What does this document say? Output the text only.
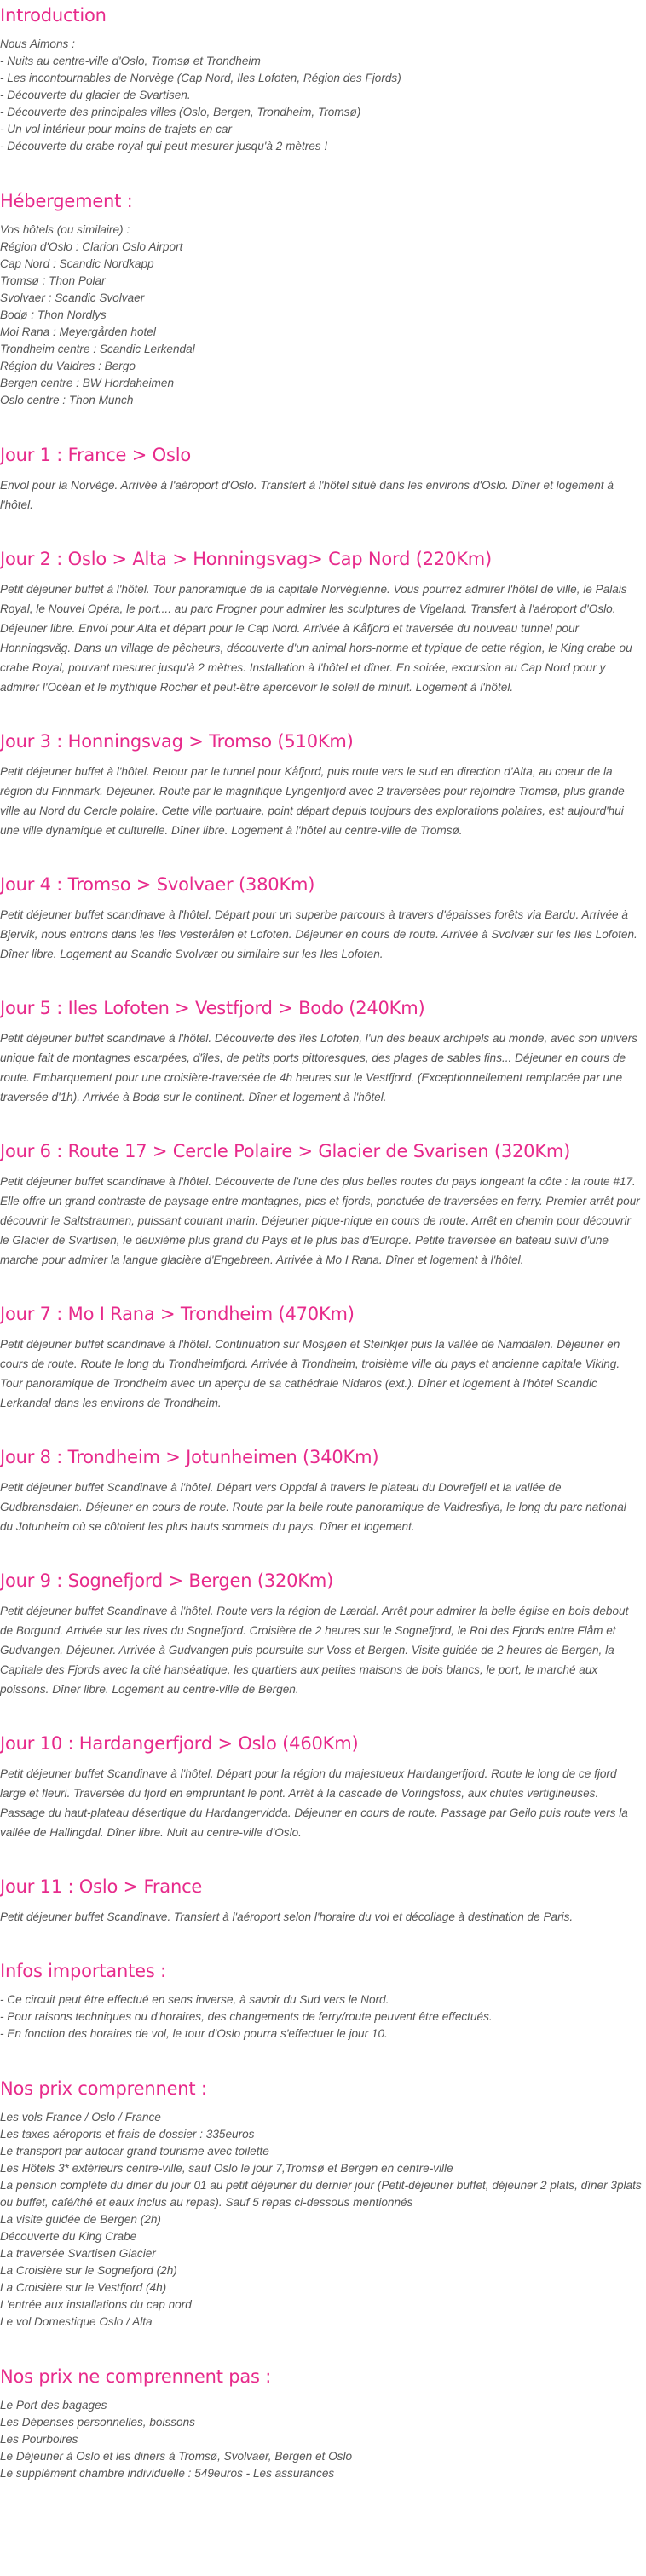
Introduction
Nous Aimons :
- Nuits au centre-ville d'Oslo, Tromsø et Trondheim
- Les incontournables de Norvège (Cap Nord, Iles Lofoten, Région des Fjords)
- Découverte du glacier de Svartisen.
- Découverte des principales villes (Oslo, Bergen, Trondheim, Tromsø)
- Un vol intérieur pour moins de trajets en car
- Découverte du crabe royal qui peut mesurer jusqu'à 2 mètres !
Hébergement :
Vos hôtels (ou similaire) :
Région d'Oslo : Clarion Oslo Airport
Cap Nord : Scandic Nordkapp
Tromsø : Thon Polar
Svolvaer : Scandic Svolvaer
Bodø : Thon Nordlys
Moi Rana : Meyergården hotel
Trondheim centre : Scandic Lerkendal
Région du Valdres : Bergo
Bergen centre : BW Hordaheimen
Oslo centre : Thon Munch
Jour 1 : France > Oslo

Envol pour la Norvège. Arrivée à l'aéroport d'Oslo. Transfert à l'hôtel situé dans les environs d'Oslo. Dîner et logement à l'hôtel.

Jour 2 : Oslo > Alta > Honningsvag> Cap Nord (220Km)

Petit déjeuner buffet à l'hôtel. Tour panoramique de la capitale Norvégienne. Vous pourrez admirer l'hôtel de ville, le Palais Royal, le Nouvel Opéra, le port.... au parc Frogner pour admirer les sculptures de Vigeland. Transfert à l'aéroport d'Oslo. Déjeuner libre. Envol pour Alta et départ pour le Cap Nord. Arrivée à Kåfjord et traversée du nouveau tunnel pour Honningsvåg. Dans un village de pêcheurs, découverte d'un animal hors-norme et typique de cette région, le King crabe ou crabe Royal, pouvant mesurer jusqu'à 2 mètres. Installation à l'hôtel et dîner. En soirée, excursion au Cap Nord pour y admirer l'Océan et le mythique Rocher et peut-être apercevoir le soleil de minuit. Logement à l'hôtel.

Jour 3 : Honningsvag > Tromso (510Km)

Petit déjeuner buffet à l'hôtel. Retour par le tunnel pour Kåfjord, puis route vers le sud en direction d'Alta, au coeur de la région du Finnmark. Déjeuner. Route par le magnifique Lyngenfjord avec 2 traversées pour rejoindre Tromsø, plus grande ville au Nord du Cercle polaire. Cette ville portuaire, point départ depuis toujours des explorations polaires, est aujourd'hui une ville dynamique et culturelle. Dîner libre. Logement à l'hôtel au centre-ville de Tromsø.

Jour 4 : Tromso > Svolvaer (380Km)

Petit déjeuner buffet scandinave à l'hôtel. Départ pour un superbe parcours à travers d'épaisses forêts via Bardu. Arrivée à Bjervik, nous entrons dans les îles Vesterålen et Lofoten. Déjeuner en cours de route. Arrivée à Svolvær sur les Iles Lofoten. Dîner libre. Logement au Scandic Svolvær ou similaire sur les Iles Lofoten.

Jour 5 : Iles Lofoten > Vestfjord > Bodo (240Km)

Petit déjeuner buffet scandinave à l'hôtel. Découverte des îles Lofoten, l'un des beaux archipels au monde, avec son univers unique fait de montagnes escarpées, d'îles, de petits ports pittoresques, des plages de sables fins... Déjeuner en cours de route. Embarquement pour une croisière-traversée de 4h heures sur le Vestfjord. (Exceptionnellement remplacée par une traversée d'1h). Arrivée à Bodø sur le continent. Dîner et logement à l'hôtel.

Jour 6 : Route 17 > Cercle Polaire > Glacier de Svarisen (320Km)

Petit déjeuner buffet scandinave à l'hôtel. Découverte de l'une des plus belles routes du pays longeant la côte : la route #17. Elle offre un grand contraste de paysage entre montagnes, pics et fjords, ponctuée de traversées en ferry. Premier arrêt pour découvrir le Saltstraumen, puissant courant marin. Déjeuner pique-nique en cours de route. Arrêt en chemin pour découvrir le Glacier de Svartisen, le deuxième plus grand du Pays et le plus bas d'Europe. Petite traversée en bateau suivi d'une marche pour admirer la langue glacière d'Engebreen. Arrivée à Mo I Rana. Dîner et logement à l'hôtel.

Jour 7 : Mo I Rana > Trondheim (470Km)

Petit déjeuner buffet scandinave à l'hôtel. Continuation sur Mosjøen et Steinkjer puis la vallée de Namdalen. Déjeuner en cours de route. Route le long du Trondheimfjord. Arrivée à Trondheim, troisième ville du pays et ancienne capitale Viking. Tour panoramique de Trondheim avec un aperçu de sa cathédrale Nidaros (ext.). Dîner et logement à l'hôtel Scandic Lerkandal dans les environs de Trondheim.

Jour 8 : Trondheim > Jotunheimen (340Km)

Petit déjeuner buffet Scandinave à l'hôtel. Départ vers Oppdal à travers le plateau du Dovrefjell et la vallée de Gudbransdalen. Déjeuner en cours de route. Route par la belle route panoramique de Valdresflya, le long du parc national du Jotunheim où se côtoient les plus hauts sommets du pays. Dîner et logement.

Jour 9 : Sognefjord > Bergen (320Km)

Petit déjeuner buffet Scandinave à l'hôtel. Route vers la région de Lærdal. Arrêt pour admirer la belle église en bois debout de Borgund. Arrivée sur les rives du Sognefjord. Croisière de 2 heures sur le Sognefjord, le Roi des Fjords entre Flåm et Gudvangen. Déjeuner. Arrivée à Gudvangen puis poursuite sur Voss et Bergen. Visite guidée de 2 heures de Bergen, la Capitale des Fjords avec la cité hanséatique, les quartiers aux petites maisons de bois blancs, le port, le marché aux poissons. Dîner libre. Logement au centre-ville de Bergen.

Jour 10 : Hardangerfjord > Oslo (460Km)

Petit déjeuner buffet Scandinave à l'hôtel. Départ pour la région du majestueux Hardangerfjord. Route le long de ce fjord large et fleuri. Traversée du fjord en empruntant le pont. Arrêt à la cascade de Voringsfoss, aux chutes vertigineuses. Passage du haut-plateau désertique du Hardangervidda. Déjeuner en cours de route. Passage par Geilo puis route vers la vallée de Hallingdal. Dîner libre. Nuit au centre-ville d'Oslo.

Jour 11 : Oslo > France

Petit déjeuner buffet Scandinave. Transfert à l'aéroport selon l'horaire du vol et décollage à destination de Paris.

Infos importantes :
- Ce circuit peut être effectué en sens inverse, à savoir du Sud vers le Nord.
- Pour raisons techniques ou d'horaires, des changements de ferry/route peuvent être effectués.
- En fonction des horaires de vol, le tour d'Oslo pourra s'effectuer le jour 10.
Nos prix comprennent :
Les vols France / Oslo / France
Les taxes aéroports et frais de dossier : 335euros
Le transport par autocar grand tourisme avec toilette
Les Hôtels 3* extérieurs centre-ville, sauf Oslo le jour 7,Tromsø et Bergen en centre-ville
La pension complète du diner du jour 01 au petit déjeuner du dernier jour (Petit-déjeuner buffet, déjeuner 2 plats, dîner 3plats ou buffet, café/thé et eaux inclus au repas). Sauf 5 repas ci-dessous mentionnés
La visite guidée de Bergen (2h)
Découverte du King Crabe
La traversée Svartisen Glacier
La Croisière sur le Sognefjord (2h)
La Croisière sur le Vestfjord (4h)
L'entrée aux installations du cap nord
Le vol Domestique Oslo / Alta
Nos prix ne comprennent pas :
Le Port des bagages
Les Dépenses personnelles, boissons
Les Pourboires
Le Déjeuner à Oslo et les diners à Tromsø, Svolvaer, Bergen et Oslo
Le supplément chambre individuelle : 549euros - Les assurances
